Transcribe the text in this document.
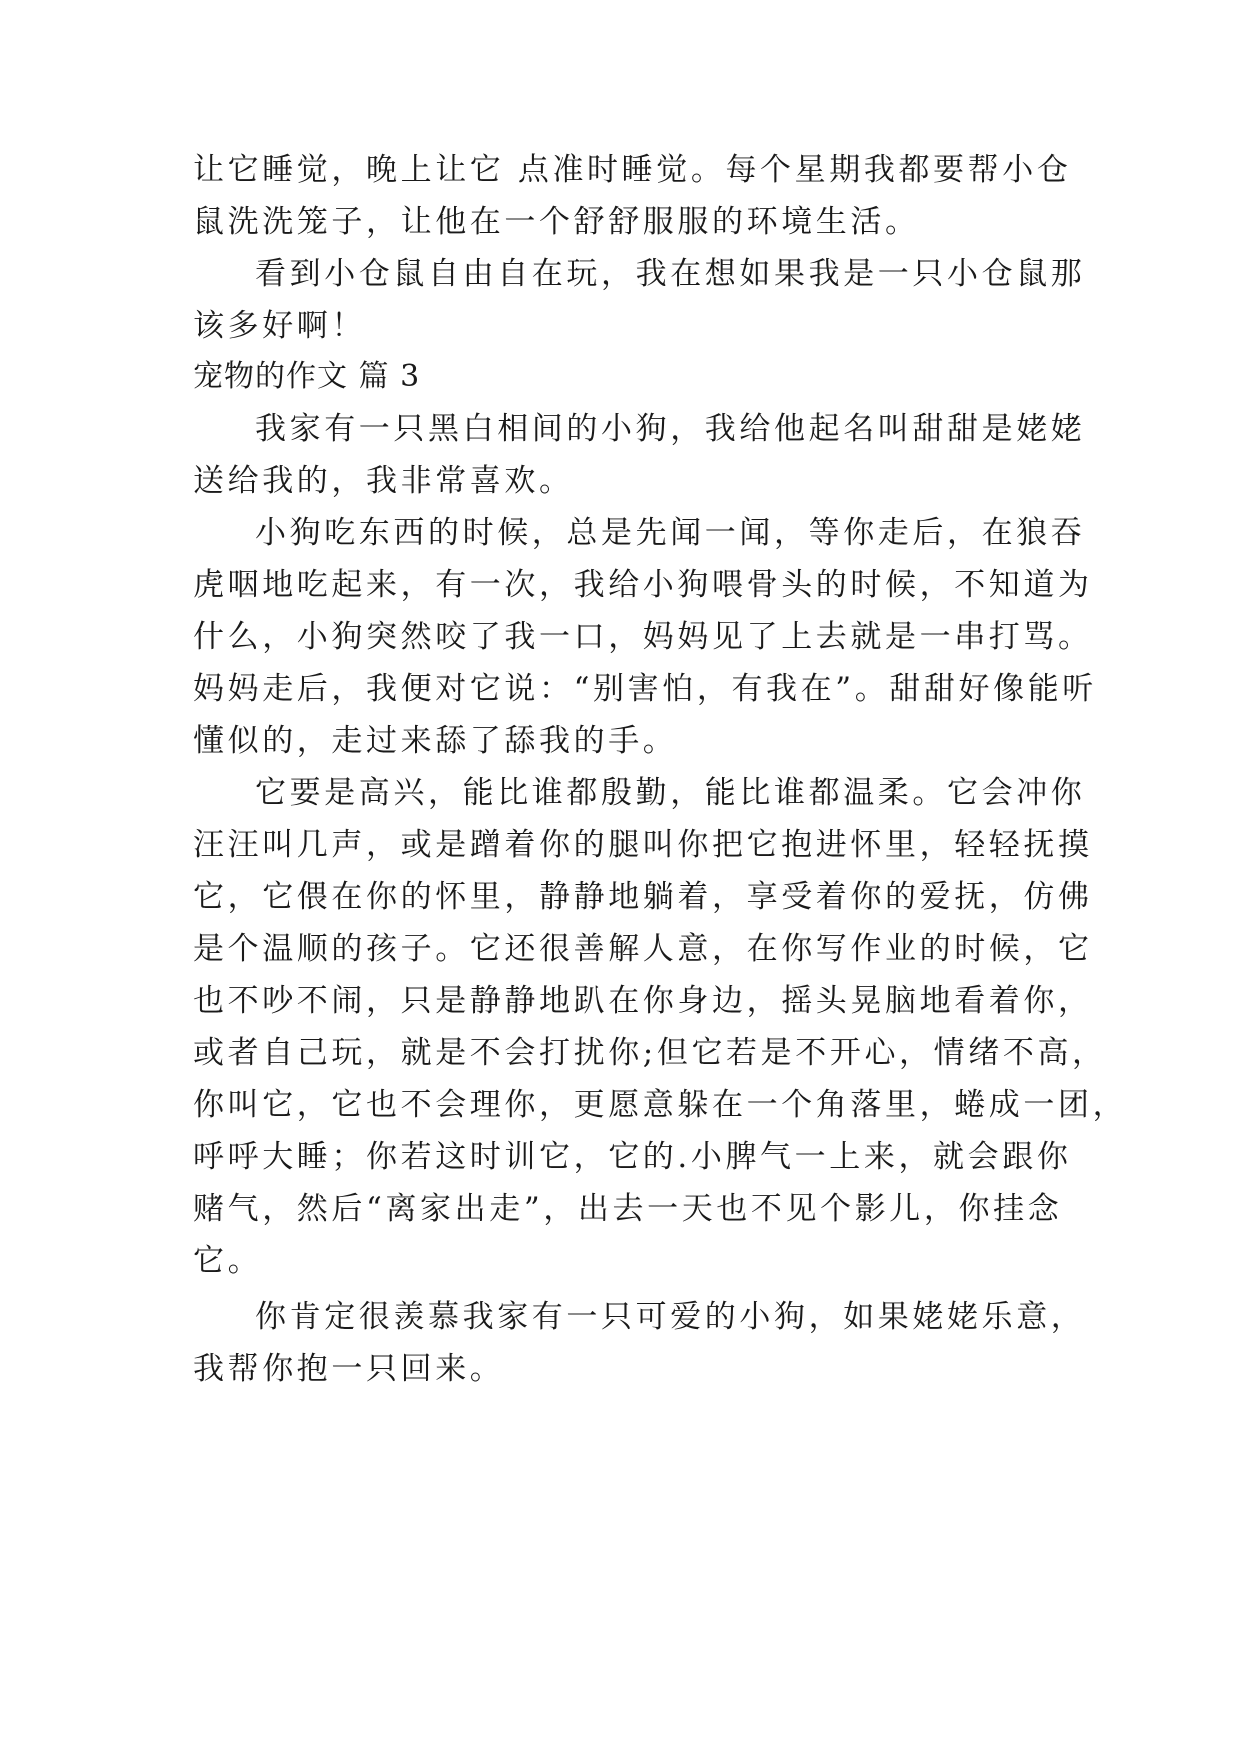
让它睡觉，晚上让它 点准时睡觉。每个星期我都要帮小仓

鼠洗洗笼子，让他在一个舒舒服服的环境生活。

看到小仓鼠自由自在玩，我在想如果我是一只小仓鼠那

该多好啊！

宠物的作文 篇 3

我家有一只黑白相间的小狗，我给他起名叫甜甜是姥姥

送给我的，我非常喜欢。

小狗吃东西的时候，总是先闻一闻，等你走后，在狼吞

虎咽地吃起来，有一次，我给小狗喂骨头的时候，不知道为

什么，小狗突然咬了我一口，妈妈见了上去就是一串打骂。

妈妈走后，我便对它说：“别害怕，有我在”。甜甜好像能听

懂似的，走过来舔了舔我的手。

它要是高兴，能比谁都殷勤，能比谁都温柔。它会冲你

汪汪叫几声，或是蹭着你的腿叫你把它抱进怀里，轻轻抚摸

它，它偎在你的怀里，静静地躺着，享受着你的爱抚，仿佛

是个温顺的孩子。它还很善解人意，在你写作业的时候，它

也不吵不闹，只是静静地趴在你身边，摇头晃脑地看着你，

或者自己玩，就是不会打扰你;但它若是不开心，情绪不高，

你叫它，它也不会理你，更愿意躲在一个角落里，蜷成一团，

呼呼大睡；你若这时训它，它的.小脾气一上来，就会跟你

赌气，然后“离家出走”，出去一天也不见个影儿，你挂念

它。

你肯定很羡慕我家有一只可爱的小狗，如果姥姥乐意，

我帮你抱一只回来。
